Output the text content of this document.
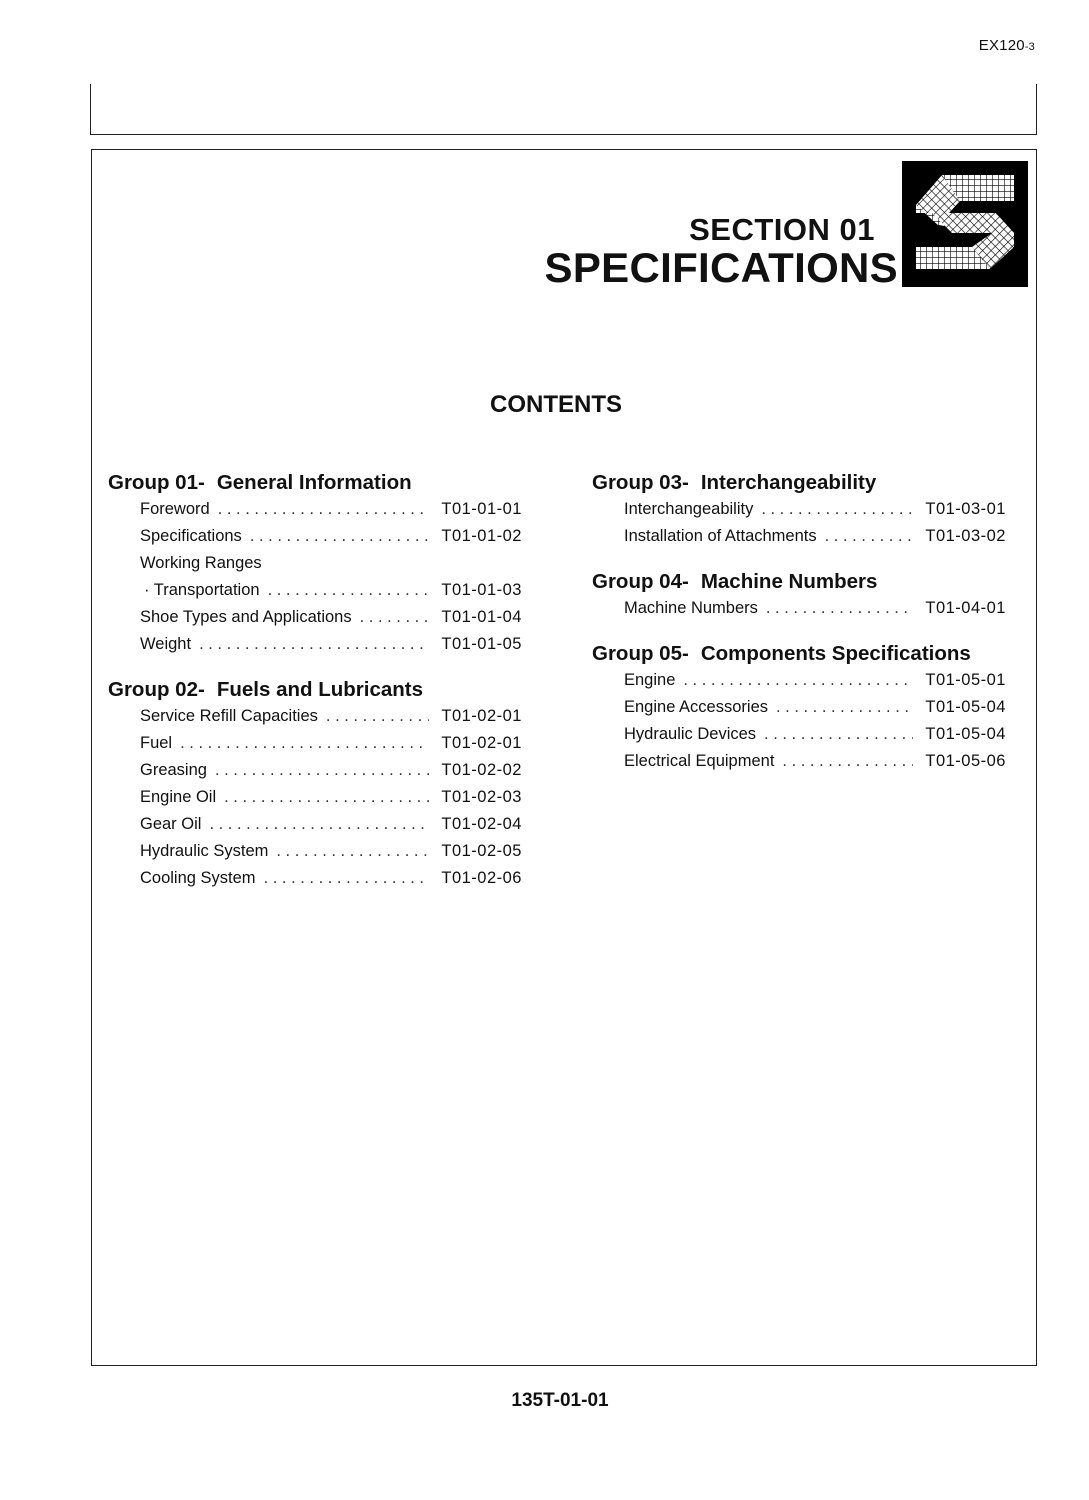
EX120-3
SECTION 01
SPECIFICATIONS
CONTENTS
Group 01- General Information
Foreword . . .	T01-01-01
Specifications . . .	T01-01-02
Working Ranges
· Transportation . . .	T01-01-03
Shoe Types and Applications . . .	T01-01-04
Weight . . .	T01-01-05
Group 02- Fuels and Lubricants
Service Refill Capacities . . .	T01-02-01
Fuel . . .	T01-02-01
Greasing . . .	T01-02-02
Engine Oil . . .	T01-02-03
Gear Oil . . .	T01-02-04
Hydraulic System . . .	T01-02-05
Cooling System . . .	T01-02-06
Group 03- Interchangeability
Interchangeability . . .	T01-03-01
Installation of Attachments . . .	T01-03-02
Group 04- Machine Numbers
Machine Numbers . . .	T01-04-01
Group 05- Components Specifications
Engine . . .	T01-05-01
Engine Accessories . . .	T01-05-04
Hydraulic Devices . . .	T01-05-04
Electrical Equipment . . .	T01-05-06
135T-01-01
